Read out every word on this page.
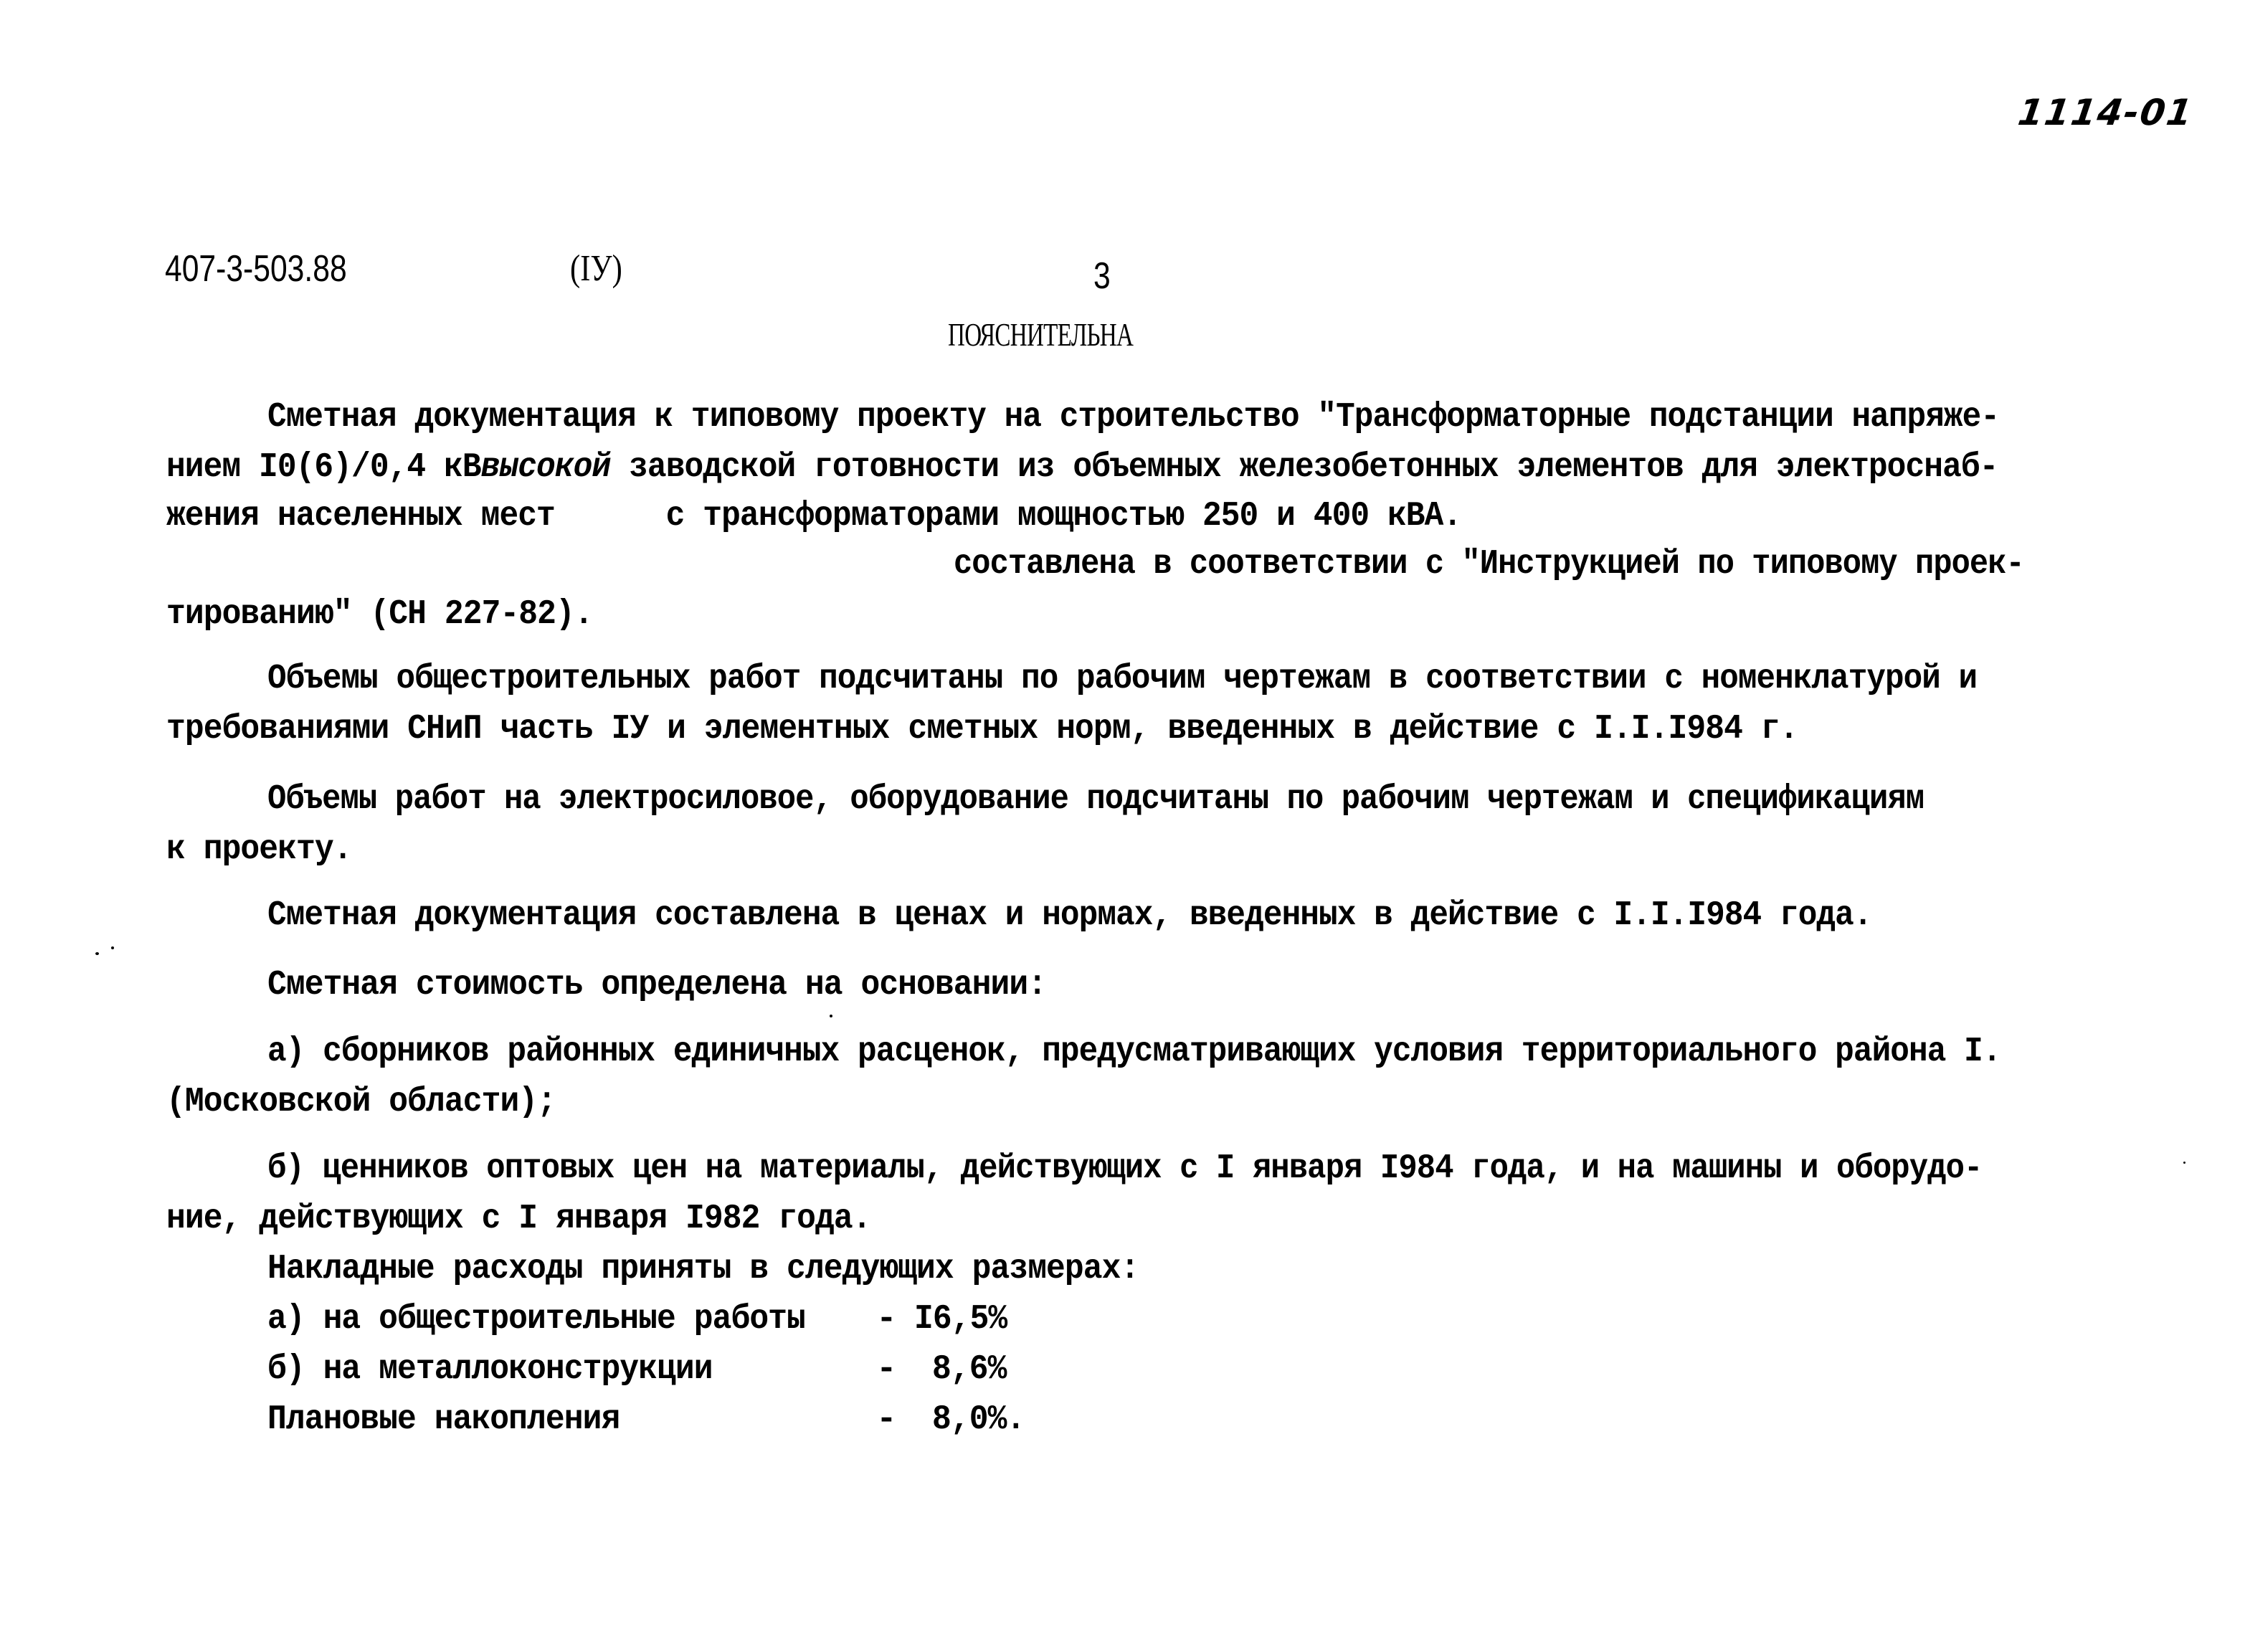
1114-01
407-3-503.88	(IУ)	3
ПОЯСНИТЕЛЬНА
Сметная документация к типовому проекту на строительство "Трансформаторные подстанции напряже-
нием I0(6)/0,4 кВвысокой заводской готовности из объемных железобетонных элементов для электроснаб-
жения населенных мест      с трансформаторами мощностью 250 и 400 кВА.
составлена в соответствии с "Инструкцией по типовому проек-
тированию" (СН 227-82).
Объемы общестроительных работ подсчитаны по рабочим чертежам в соответствии с номенклатурой и
требованиями СНиП часть IУ и элементных сметных норм, введенных в действие с I.I.I984 г.
Объемы работ на электросиловое, оборудование подсчитаны по рабочим чертежам и спецификациям
к проекту.
Сметная документация составлена в ценах и нормах, введенных в действие с I.I.I984 года.
Сметная стоимость определена на основании:
а) сборников районных единичных расценок, предусматривающих условия территориального района I.
(Московской области);
б) ценников оптовых цен на материалы, действующих с I января I984 года, и на машины и оборудо-
ние, действующих с I января I982 года.
Накладные расходы приняты в следующих размерах:
а) на общестроительные работы - I6,5%
б) на металлоконструкции	- 8,6%
Плановые накопления	- 8,0%.
